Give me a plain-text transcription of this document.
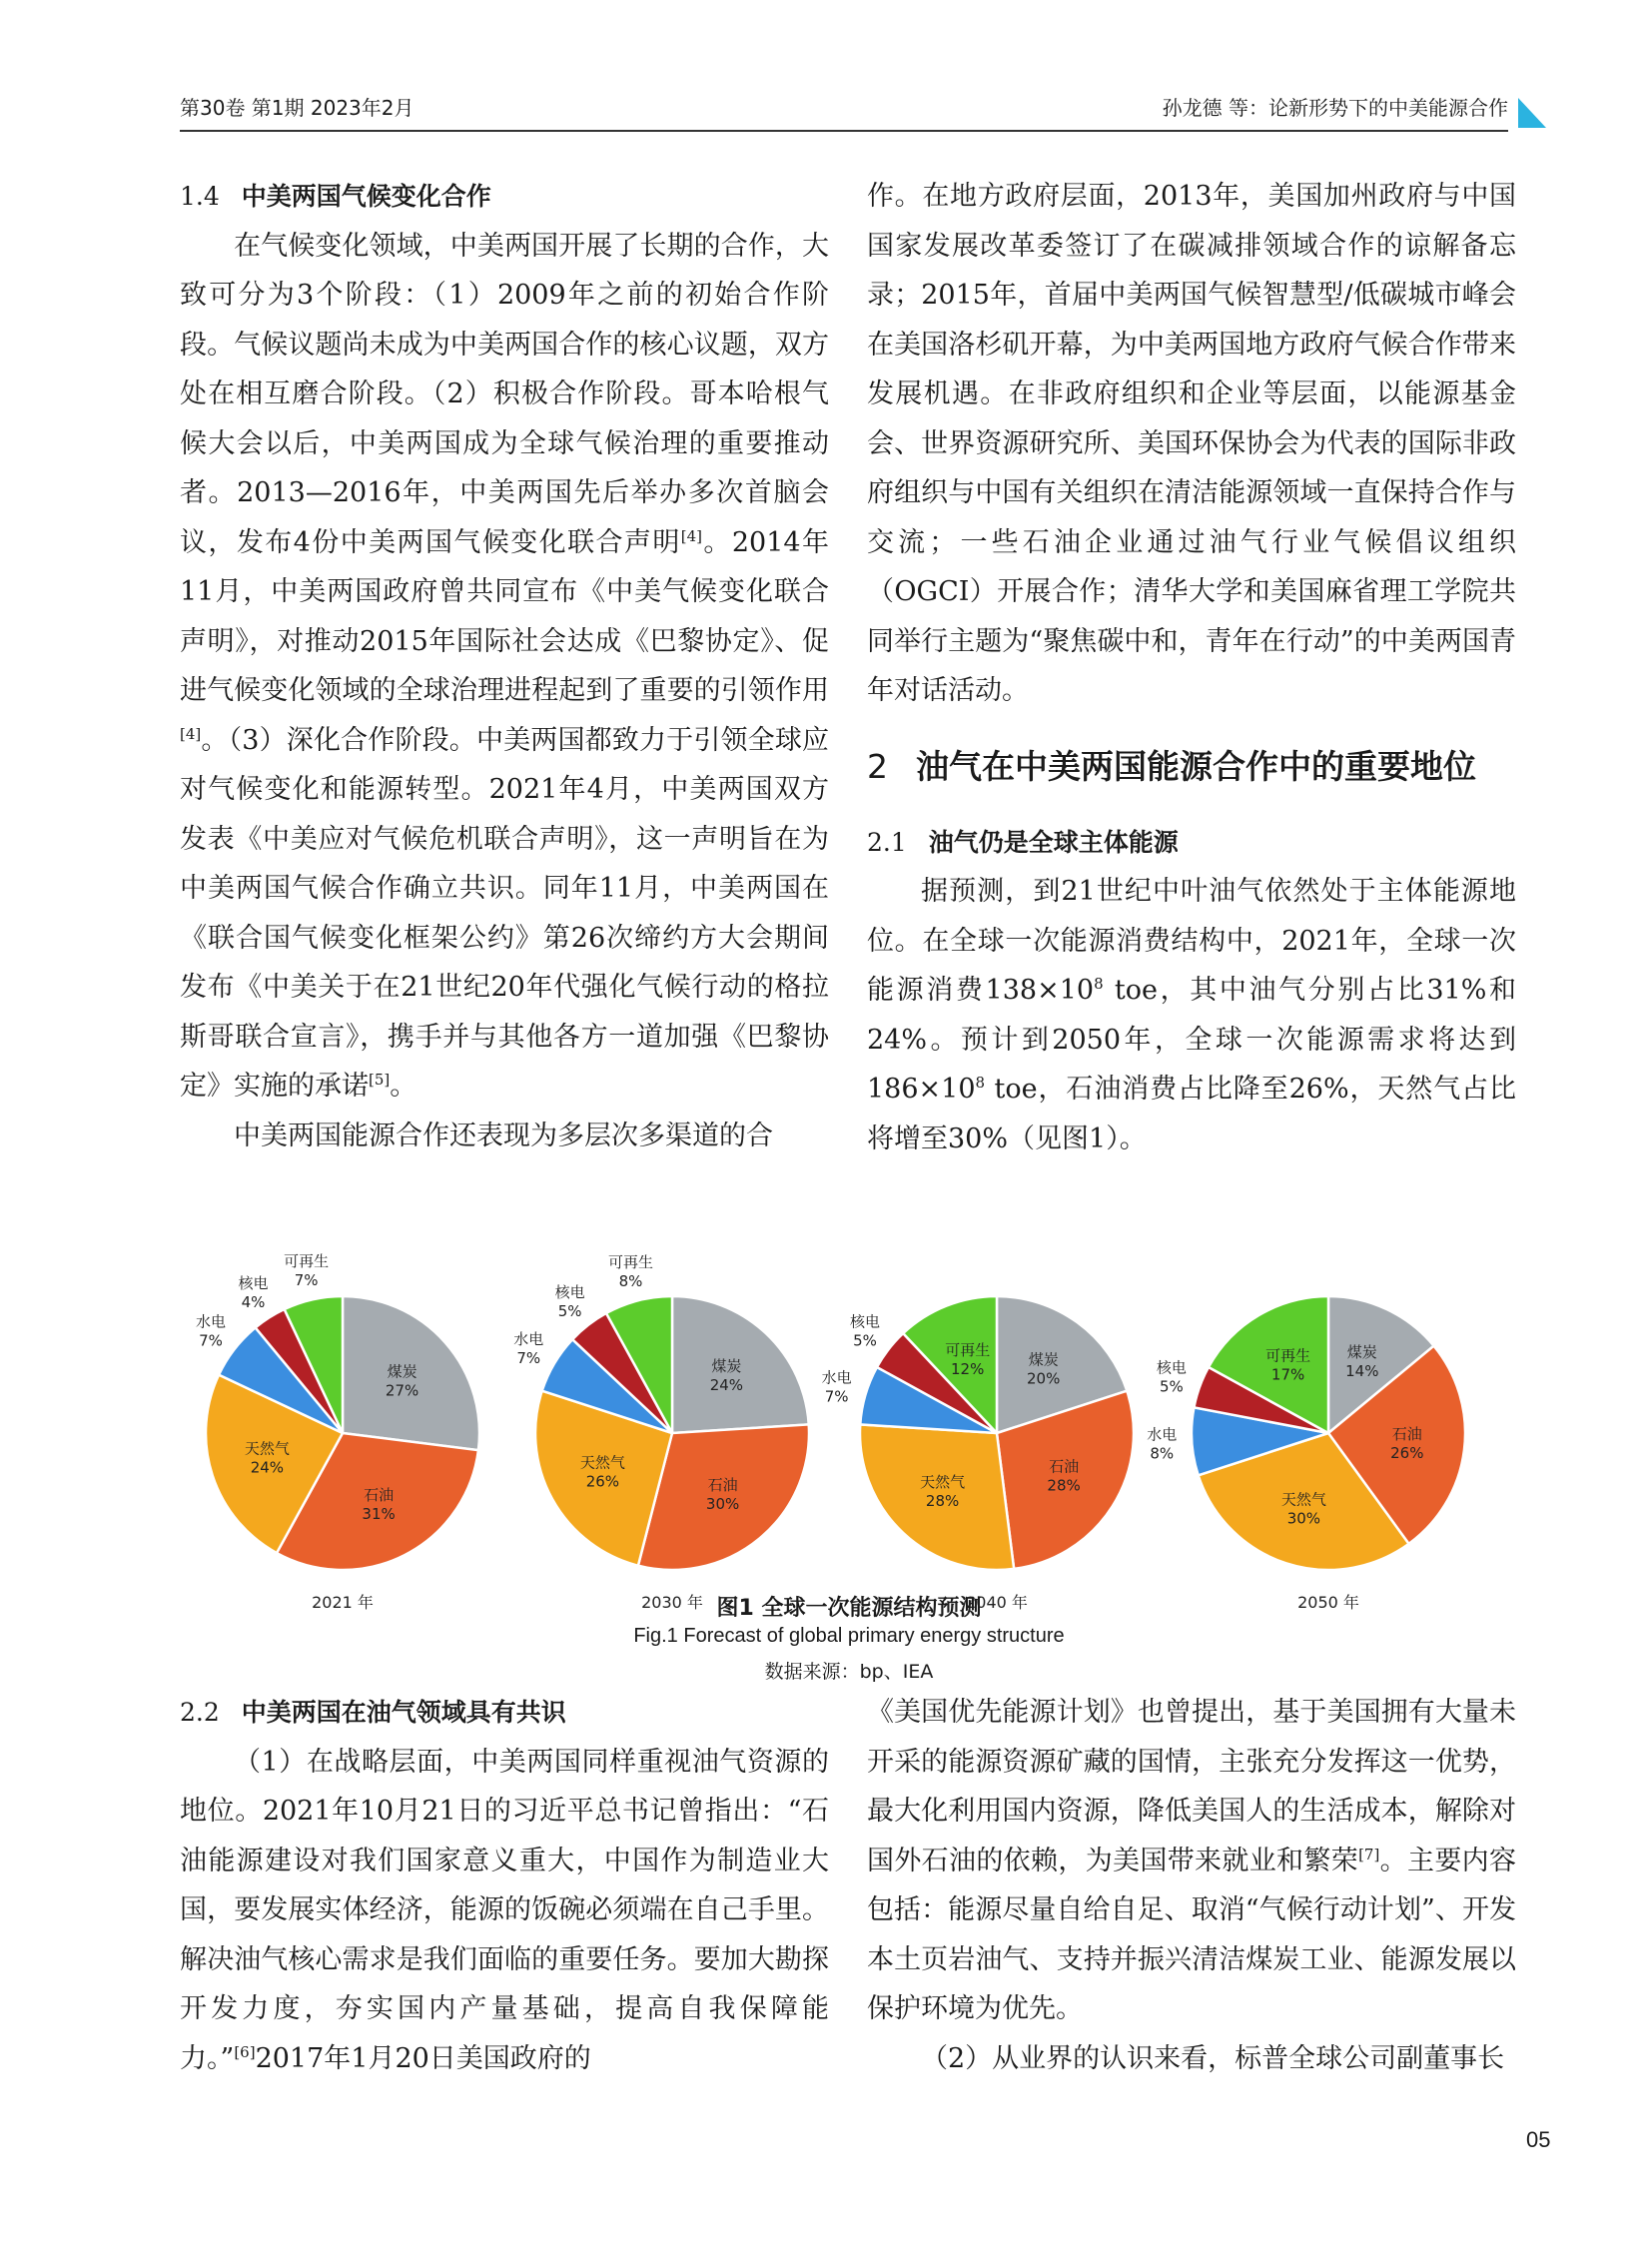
第30卷 第1期 2023年2月	孙龙德 等：论新形势下的中美能源合作
1.4 中美两国气候变化合作

在气候变化领域，中美两国开展了长期的合作，大致可分为3个阶段：（1）2009年之前的初始合作阶段。气候议题尚未成为中美两国合作的核心议题，双方处在相互磨合阶段。（2）积极合作阶段。哥本哈根气候大会以后，中美两国成为全球气候治理的重要推动者。2013—2016年，中美两国先后举办多次首脑会议，发布4份中美两国气候变化联合声明[4]。2014年11月，中美两国政府曾共同宣布《中美气候变化联合声明》，对推动2015年国际社会达成《巴黎协定》、促进气候变化领域的全球治理进程起到了重要的引领作用[4]。（3）深化合作阶段。中美两国都致力于引领全球应对气候变化和能源转型。2021年4月，中美两国双方发表《中美应对气候危机联合声明》，这一声明旨在为中美两国气候合作确立共识。同年11月，中美两国在《联合国气候变化框架公约》第26次缔约方大会期间发布《中美关于在21世纪20年代强化气候行动的格拉斯哥联合宣言》，携手并与其他各方一道加强《巴黎协定》实施的承诺[5]。

中美两国能源合作还表现为多层次多渠道的合

作。在地方政府层面，2013年，美国加州政府与中国国家发展改革委签订了在碳减排领域合作的谅解备忘录；2015年，首届中美两国气候智慧型/低碳城市峰会在美国洛杉矶开幕，为中美两国地方政府气候合作带来发展机遇。在非政府组织和企业等层面，以能源基金会、世界资源研究所、美国环保协会为代表的国际非政府组织与中国有关组织在清洁能源领域一直保持合作与交流；一些石油企业通过油气行业气候倡议组织（OGCI）开展合作；清华大学和美国麻省理工学院共同举行主题为“聚焦碳中和，青年在行动”的中美两国青年对话活动。

2 油气在中美两国能源合作中的重要地位
2.1 油气仍是全球主体能源

据预测，到21世纪中叶油气依然处于主体能源地位。在全球一次能源消费结构中，2021年，全球一次能源消费$138\times 10^8$ toe，其中油气分别占比31%和24%。预计到2050年，全球一次能源需求将达到$186\times 10^8$ toe，石油消费占比降至26%，天然气占比将增至30%（见图1）。

煤炭 27%
石油 31%
天然气 24%
水电 7%
核电 4%
可再生 7%
2021 年
煤炭 24%
石油 30%
天然气 26%
水电 7%
核电 5%
可再生 8%
2030 年
煤炭 20%
石油 28%
天然气 28%
水电 7%
核电 5%
可再生 12%
2040 年
煤炭 14%
石油 26%
天然气 30%
水电 8%
核电 5%
可再生 17%
2050 年
图1 全球一次能源结构预测
Fig.1 Forecast of global primary energy structure
数据来源：bp、IEA
2.2 中美两国在油气领域具有共识

（1）在战略层面，中美两国同样重视油气资源的地位。2021年10月21日的习近平总书记曾指出：“石油能源建设对我们国家意义重大，中国作为制造业大国，要发展实体经济，能源的饭碗必须端在自己手里。解决油气核心需求是我们面临的重要任务。要加大勘探开发力度，夯实国内产量基础，提高自我保障能力。”[6]2017年1月20日美国政府的

《美国优先能源计划》也曾提出，基于美国拥有大量未开采的能源资源矿藏的国情，主张充分发挥这一优势，最大化利用国内资源，降低美国人的生活成本，解除对国外石油的依赖，为美国带来就业和繁荣[7]。主要内容包括：能源尽量自给自足、取消“气候行动计划”、开发本土页岩油气、支持并振兴清洁煤炭工业、能源发展以保护环境为优先。

（2）从业界的认识来看，标普全球公司副董事长

05
